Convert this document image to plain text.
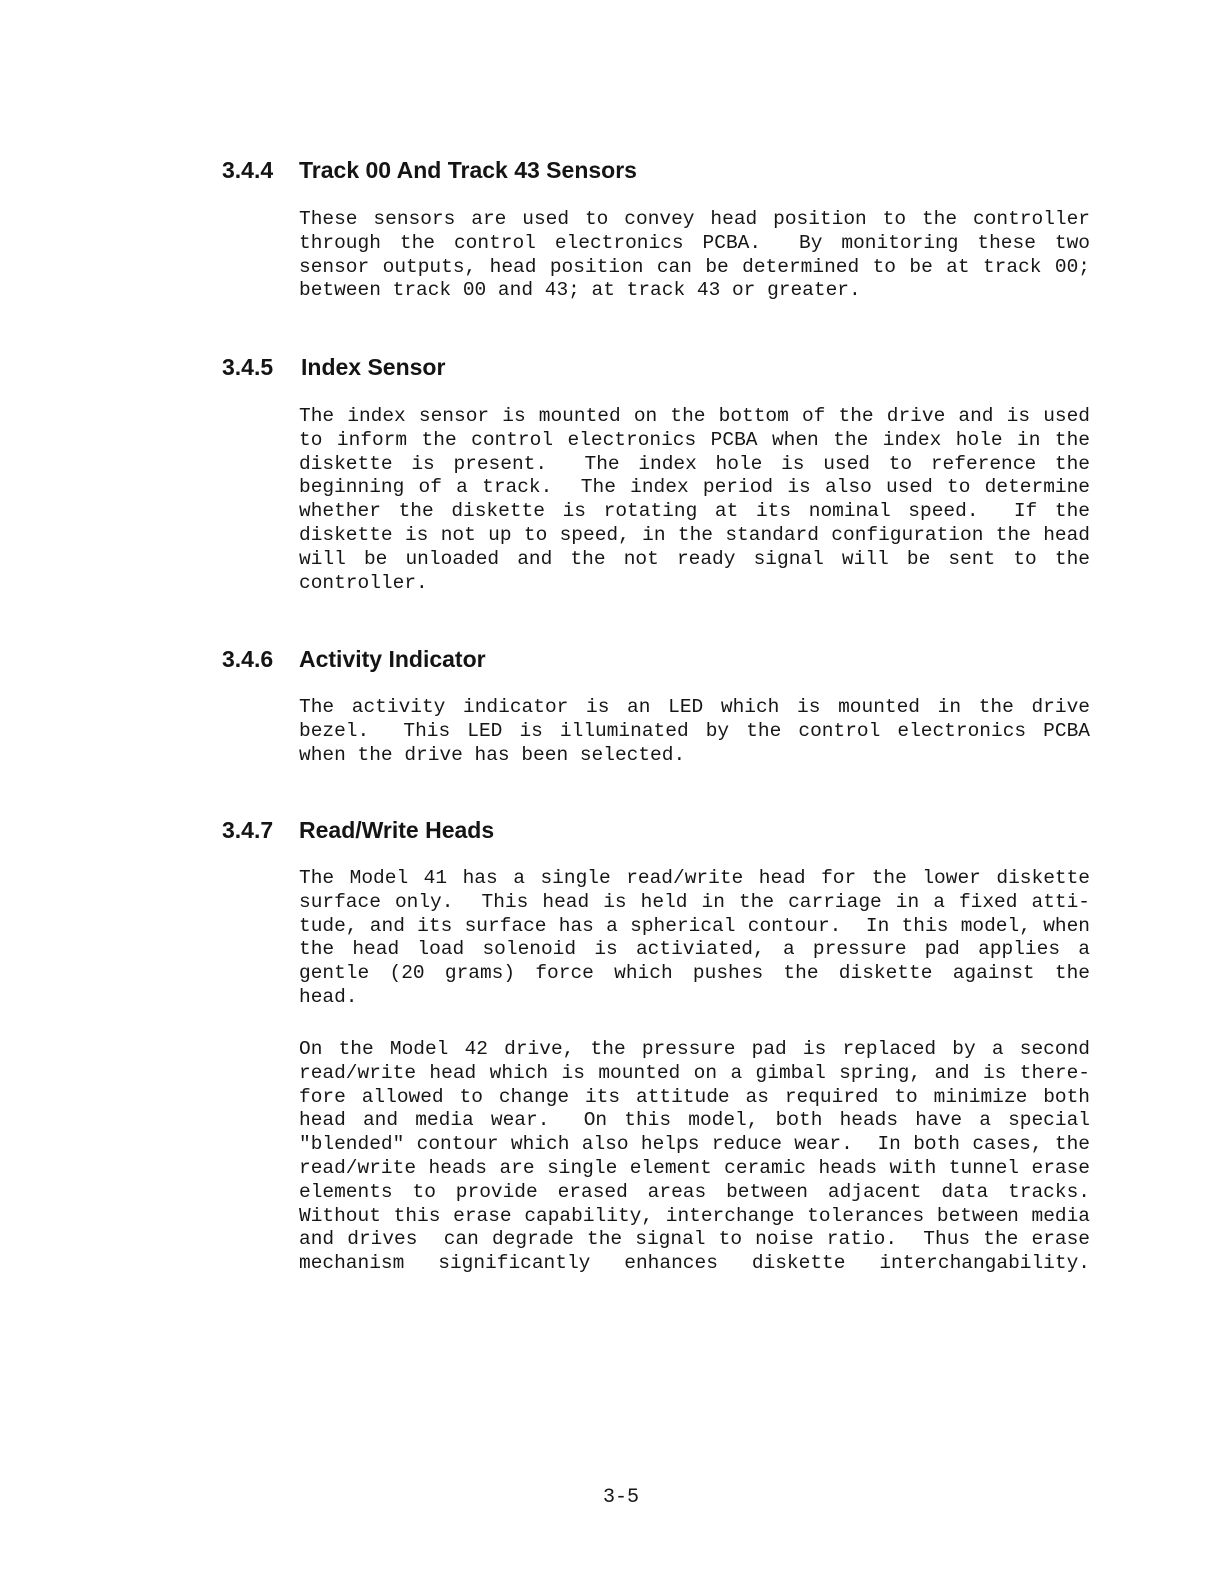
3.4.4 Track 00 And Track 43 Sensors
These sensors are used to convey head position to the controller
through the control electronics PCBA.  By monitoring these two
sensor outputs, head position can be determined to be at track 00;
between track 00 and 43; at track 43 or greater.
3.4.5 Index Sensor
The index sensor is mounted on the bottom of the drive and is used
to inform the control electronics PCBA when the index hole in the
diskette is present.  The index hole is used to reference the
beginning of a track.  The index period is also used to determine
whether the diskette is rotating at its nominal speed.  If the
diskette is not up to speed, in the standard configuration the head
will be unloaded and the not ready signal will be sent to the
controller.
3.4.6 Activity Indicator
The activity indicator is an LED which is mounted in the drive
bezel.  This LED is illuminated by the control electronics PCBA
when the drive has been selected.
3.4.7 Read/Write Heads
The Model 41 has a single read/write head for the lower diskette
surface only.  This head is held in the carriage in a fixed atti-
tude, and its surface has a spherical contour.  In this model, when
the head load solenoid is activiated, a pressure pad applies a
gentle (20 grams) force which pushes the diskette against the
head.
On the Model 42 drive, the pressure pad is replaced by a second
read/write head which is mounted on a gimbal spring, and is there-
fore allowed to change its attitude as required to minimize both
head and media wear.  On this model, both heads have a special
"blended" contour which also helps reduce wear.  In both cases, the
read/write heads are single element ceramic heads with tunnel erase
elements to provide erased areas between adjacent data tracks.
Without this erase capability, interchange tolerances between media
and drives  can degrade the signal to noise ratio.  Thus the erase
mechanism significantly enhances diskette interchangability.
3-5
